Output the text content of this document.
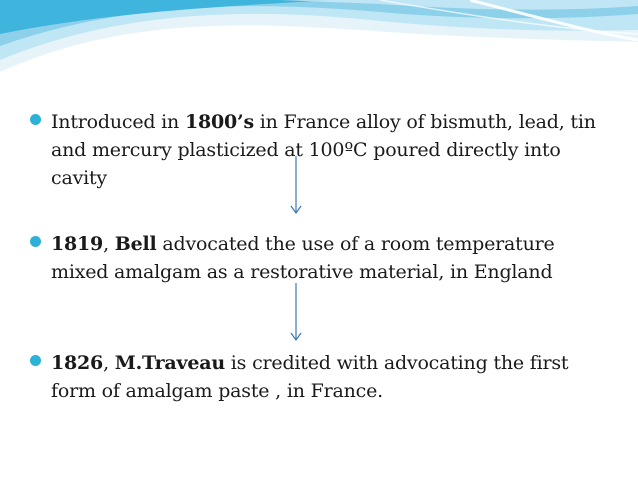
Introduced in 1800’s in France alloy of bismuth, lead, tin and mercury plasticized at 100ºC poured directly into cavity
1819, Bell advocated the use of a room temperature mixed amalgam as a restorative material, in England
1826, M.Traveau is credited with advocating the first form of amalgam paste , in France.
